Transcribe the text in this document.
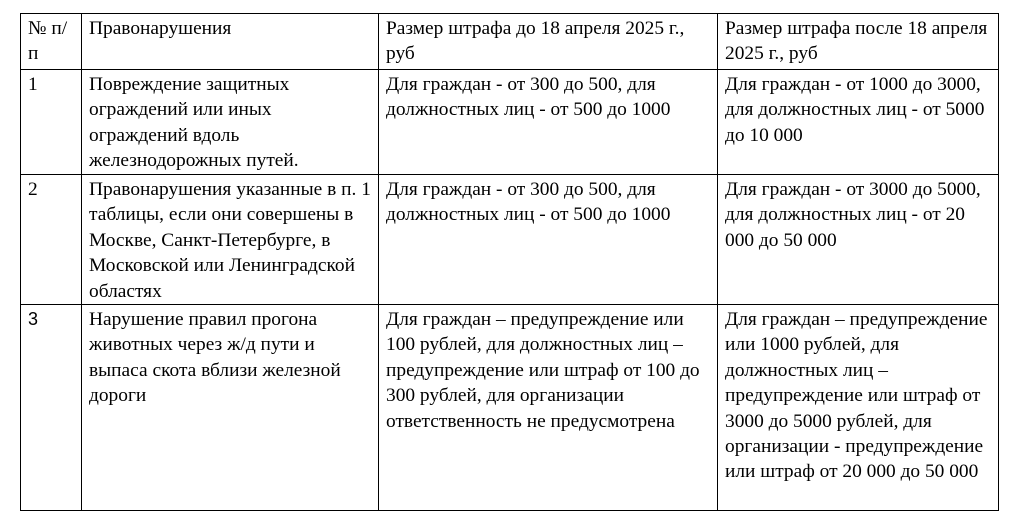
№ п/п	Правонарушения	Размер штрафа до 18 апреля 2025 г., руб	Размер штрафа после 18 апреля 2025 г., руб
1	Повреждение защитных ограждений или иных ограждений вдоль железнодорожных путей.	Для граждан - от 300 до 500, для должностных лиц - от 500 до 1000	Для граждан - от 1000 до 3000, для должностных лиц - от 5000 до 10 000
2	Правонарушения указанные в п. 1 таблицы, если они совершены в Москве, Санкт-Петербурге, в Московской или Ленинградской областях	Для граждан - от 300 до 500, для должностных лиц - от 500 до 1000	Для граждан - от 3000 до 5000, для должностных лиц - от 20 000 до 50 000
3	Нарушение правил прогона животных через ж/д пути и выпаса скота вблизи железной дороги	Для граждан – предупреждение или 100 рублей, для должностных лиц – предупреждение или штраф от 100 до 300 рублей, для организации ответственность не предусмотрена	Для граждан – предупреждение или 1000 рублей, для должностных лиц – предупреждение или штраф от 3000 до 5000 рублей, для организации - предупреждение или штраф от 20 000 до 50 000
